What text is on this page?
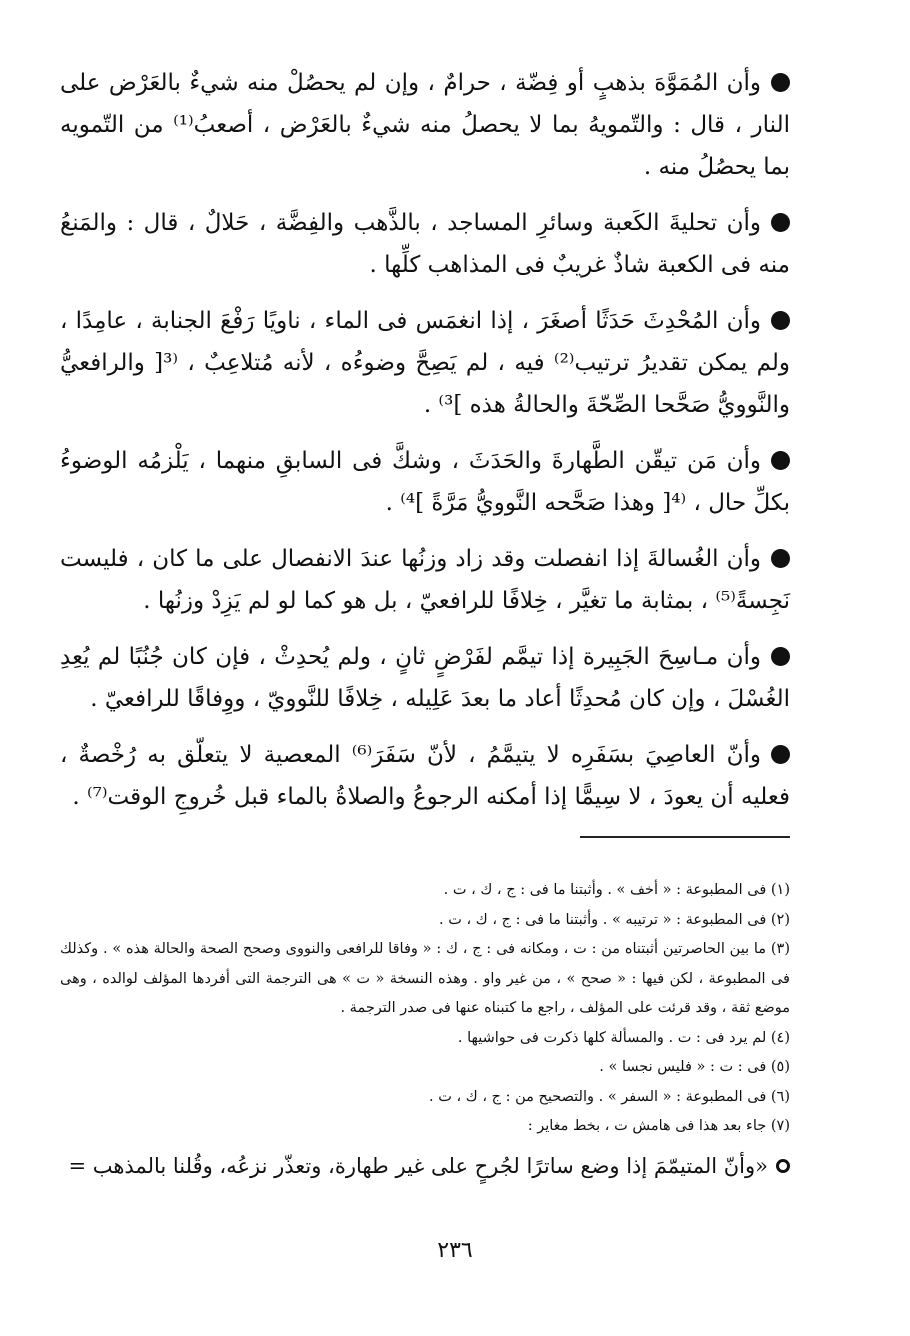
وأن المُمَوَّهَ بذهبٍ أو فِضّة ، حرامٌ ، وإن لم يحصُلْ منه شيءٌ بالعَرْض على النار ، قال : والتّمويهُ بما لا يحصلُ منه شيءٌ بالعَرْض ، أصعبُ⁽¹⁾ من التّمويه بما يحصُلُ منه .

وأن تحليةَ الكَعبة وسائرِ المساجد ، بالذَّهب والفِضَّة ، حَلالٌ ، قال : والمَنعُ منه فى الكعبة شاذٌ غريبٌ فى المذاهب كلِّها .

وأن المُحْدِثَ حَدَثًا أصغَرَ ، إذا انغمَس فى الماء ، ناويًا رَفْعَ الجنابة ، عامِدًا ، ولم يمكن تقديرُ ترتيب⁽²⁾ فيه ، لم يَصِحَّ وضوءُه ، لأنه مُتلاعِبٌ ، ⁽³[ والرافعيُّ والنَّوويُّ صَحَّحا الصِّحّةَ والحالةُ هذه ]³⁾ .

وأن مَن تيقّن الطَّهارةَ والحَدَثَ ، وشكَّ فى السابقِ منهما ، يَلْزمُه الوضوءُ بكلِّ حال ، ⁽⁴[ وهذا صَحَّحه النَّوويُّ مَرَّةً ]⁴⁾ .

وأن الغُسالةَ إذا انفصلت وقد زاد وزنُها عندَ الانفصال على ما كان ، فليست نَجِسةً⁽⁵⁾ ، بمثابة ما تغيَّر ، خِلافًا للرافعيّ ، بل هو كما لو لم يَزِدْ وزنُها .

وأن مـاسِحَ الجَبِيرة إذا تيمَّم لفَرْضٍ ثانٍ ، ولم يُحدِثْ ، فإن كان جُنُبًا لم يُعِدِ الغُسْلَ ، وإن كان مُحدِثًا أعاد ما بعدَ عَلِيله ، خِلافًا للنَّوويّ ، ووِفاقًا للرافعيّ .

وأنّ العاصِيَ بسَفَرِه لا يتيمَّمُ ، لأنّ سَفَرَ⁽⁶⁾ المعصية لا يتعلّق به رُخْصةٌ ، فعليه أن يعودَ ، لا سِيمًّا إذا أمكنه الرجوعُ والصلاةُ بالماء قبل خُروجِ الوقت⁽⁷⁾ .

(١) فى المطبوعة : « أخف » . وأثبتنا ما فى : ج ، ك ، ت .

(٢) فى المطبوعة : « ترتيبه » . وأثبتنا ما فى : ج ، ك ، ت .

(٣) ما بين الحاصرتين أثبتناه من : ت ، ومكانه فى : ج ، ك : « وفاقا للرافعى والنووى وصحح الصحة والحالة هذه » . وكذلك فى المطبوعة ، لكن فيها : « صحح » ، من غير واو . وهذه النسخة « ت » هى الترجمة التى أفردها المؤلف لوالده ، وهى موضع ثقة ، وقد قرئت على المؤلف ، راجع ما كتبناه عنها فى صدر الترجمة .

(٤) لم يرد فى : ت . والمسألة كلها ذكرت فى حواشيها .

(٥) فى : ت : « فليس نجسا » .

(٦) فى المطبوعة : « السفر » . والتصحيح من : ج ، ك ، ت .

(٧) جاء بعد هذا فى هامش ت ، بخط مغاير :

«وأنّ المتيمّمَ إذا وضع ساترًا لجُرحٍ على غير طهارة، وتعذّر نزعُه، وقُلنا بالمذهب =

٢٣٦
